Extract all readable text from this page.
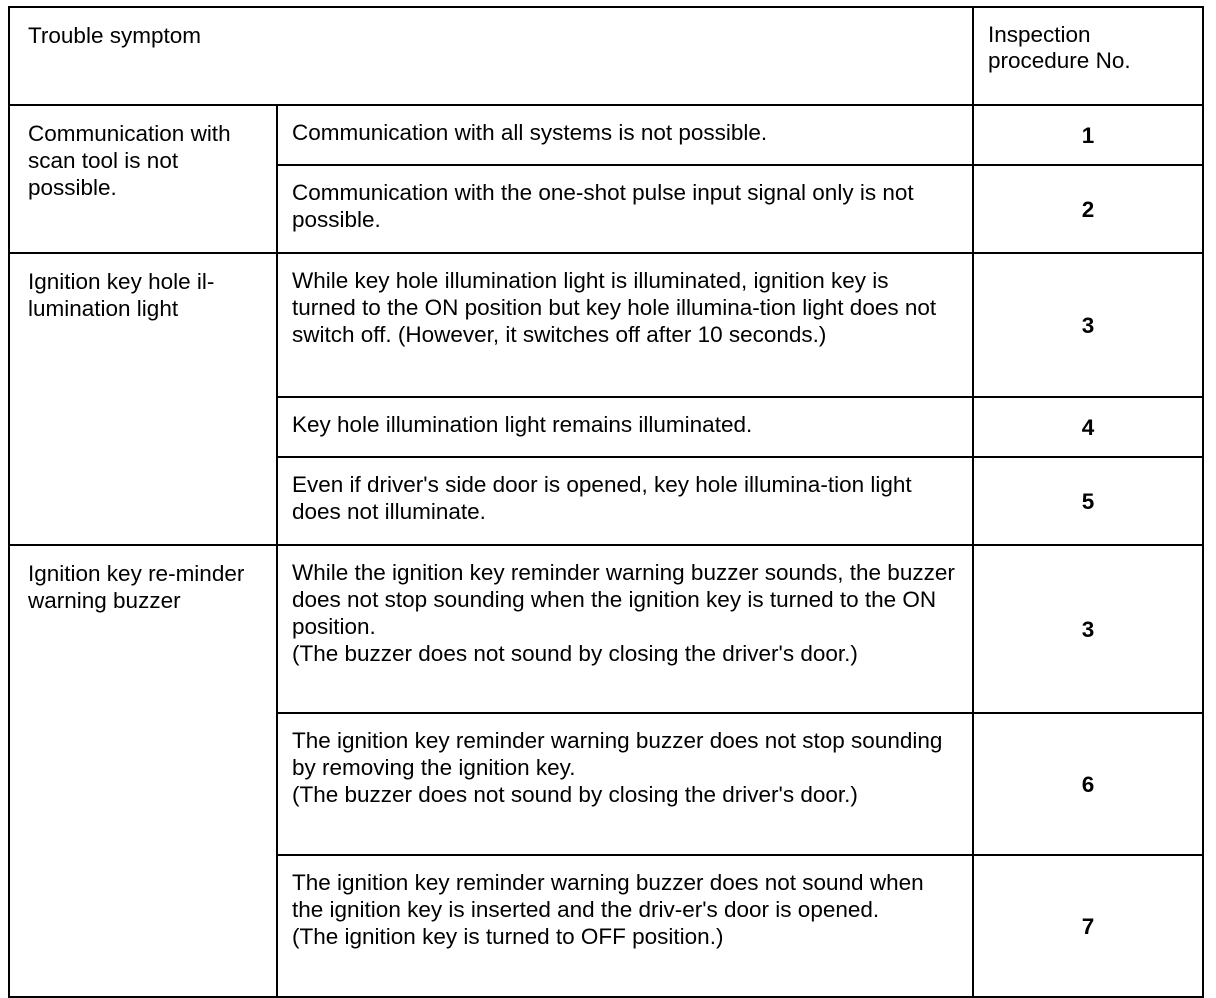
Trouble symptom		Inspection
procedure No.
Communication with scan tool is not possible.	Communication with all systems is not possible.	1
	Communication with the one-shot pulse input signal only is not possible.	2
Ignition key hole il-lumination light	While key hole illumination light is illuminated, ignition key is turned to the ON position but key hole illumina-tion light does not switch off. (However, it switches off after 10 seconds.)	3
	Key hole illumination light remains illuminated.	4
	Even if driver's side door is opened, key hole illumina-tion light does not illuminate.	5
Ignition key re-minder warning buzzer	While the ignition key reminder warning buzzer sounds, the buzzer does not stop sounding when the ignition key is turned to the ON position.
(The buzzer does not sound by closing the driver's door.)	3
	The ignition key reminder warning buzzer does not stop sounding by removing the ignition key.
(The buzzer does not sound by closing the driver's door.)	6
	The ignition key reminder warning buzzer does not sound when the ignition key is inserted and the driv-er's door is opened.
(The ignition key is turned to OFF position.)	7
